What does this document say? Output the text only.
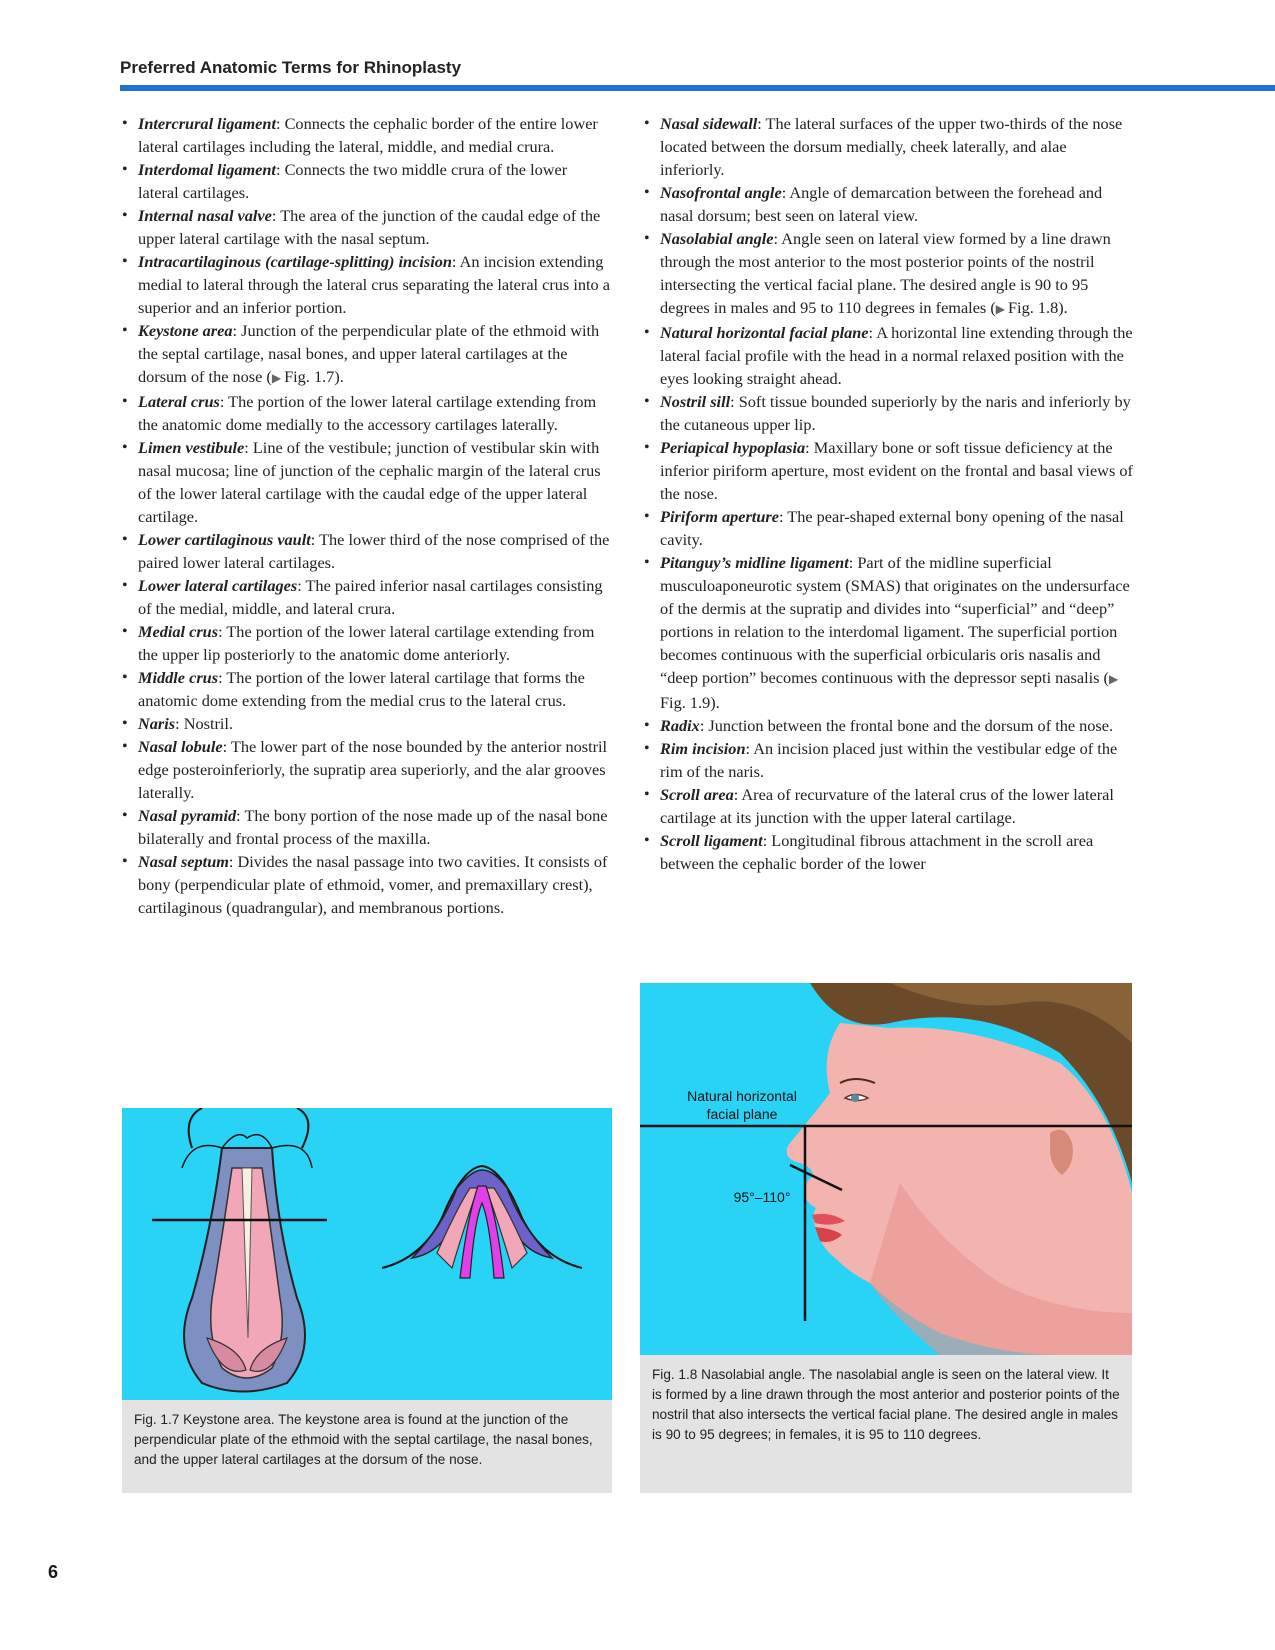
Preferred Anatomic Terms for Rhinoplasty
• Intercrural ligament: Connects the cephalic border of the entire lower lateral cartilages including the lateral, middle, and medial crura.
• Interdomal ligament: Connects the two middle crura of the lower lateral cartilages.
• Internal nasal valve: The area of the junction of the caudal edge of the upper lateral cartilage with the nasal septum.
• Intracartilaginous (cartilage-splitting) incision: An incision extending medial to lateral through the lateral crus separating the lateral crus into a superior and an inferior portion.
• Keystone area: Junction of the perpendicular plate of the ethmoid with the septal cartilage, nasal bones, and upper lateral cartilages at the dorsum of the nose (▶ Fig. 1.7).
• Lateral crus: The portion of the lower lateral cartilage extending from the anatomic dome medially to the accessory cartilages laterally.
• Limen vestibule: Line of the vestibule; junction of vestibular skin with nasal mucosa; line of junction of the cephalic margin of the lateral crus of the lower lateral cartilage with the caudal edge of the upper lateral cartilage.
• Lower cartilaginous vault: The lower third of the nose comprised of the paired lower lateral cartilages.
• Lower lateral cartilages: The paired inferior nasal cartilages consisting of the medial, middle, and lateral crura.
• Medial crus: The portion of the lower lateral cartilage extending from the upper lip posteriorly to the anatomic dome anteriorly.
• Middle crus: The portion of the lower lateral cartilage that forms the anatomic dome extending from the medial crus to the lateral crus.
• Naris: Nostril.
• Nasal lobule: The lower part of the nose bounded by the anterior nostril edge posteroinferiorly, the supratip area superiorly, and the alar grooves laterally.
• Nasal pyramid: The bony portion of the nose made up of the nasal bone bilaterally and frontal process of the maxilla.
• Nasal septum: Divides the nasal passage into two cavities. It consists of bony (perpendicular plate of ethmoid, vomer, and premaxillary crest), cartilaginous (quadrangular), and membranous portions.
• Nasal sidewall: The lateral surfaces of the upper two-thirds of the nose located between the dorsum medially, cheek laterally, and alae inferiorly.
• Nasofrontal angle: Angle of demarcation between the forehead and nasal dorsum; best seen on lateral view.
• Nasolabial angle: Angle seen on lateral view formed by a line drawn through the most anterior to the most posterior points of the nostril intersecting the vertical facial plane. The desired angle is 90 to 95 degrees in males and 95 to 110 degrees in females (▶ Fig. 1.8).
• Natural horizontal facial plane: A horizontal line extending through the lateral facial profile with the head in a normal relaxed position with the eyes looking straight ahead.
• Nostril sill: Soft tissue bounded superiorly by the naris and inferiorly by the cutaneous upper lip.
• Periapical hypoplasia: Maxillary bone or soft tissue deficiency at the inferior piriform aperture, most evident on the frontal and basal views of the nose.
• Piriform aperture: The pear-shaped external bony opening of the nasal cavity.
• Pitanguy’s midline ligament: Part of the midline superficial musculoaponeurotic system (SMAS) that originates on the undersurface of the dermis at the supratip and divides into “superficial” and “deep” portions in relation to the interdomal ligament. The superficial portion becomes continuous with the superficial orbicularis oris nasalis and “deep portion” becomes continuous with the depressor septi nasalis (▶ Fig. 1.9).
• Radix: Junction between the frontal bone and the dorsum of the nose.
• Rim incision: An incision placed just within the vestibular edge of the rim of the naris.
• Scroll area: Area of recurvature of the lateral crus of the lower lateral cartilage at its junction with the upper lateral cartilage.
• Scroll ligament: Longitudinal fibrous attachment in the scroll area between the cephalic border of the lower
Fig. 1.7 Keystone area. The keystone area is found at the junction of the perpendicular plate of the ethmoid with the septal cartilage, the nasal bones, and the upper lateral cartilages at the dorsum of the nose.
Natural horizontal
facial plane
95°–110°
Fig. 1.8 Nasolabial angle. The nasolabial angle is seen on the lateral view. It is formed by a line drawn through the most anterior and posterior points of the nostril that also intersects the vertical facial plane. The desired angle in males is 90 to 95 degrees; in females, it is 95 to 110 degrees.
6
